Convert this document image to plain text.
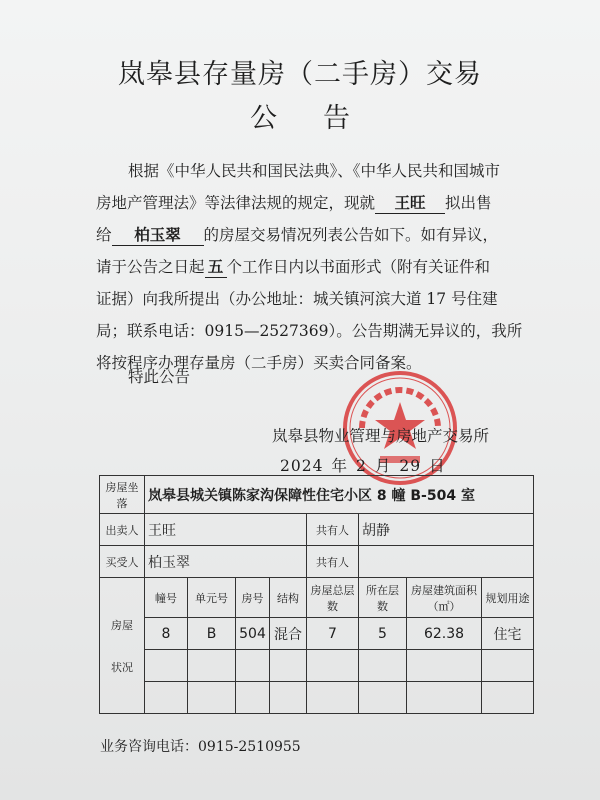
岚皋县存量房（二手房）交易
公告

根据《中华人民共和国民法典》、《中华人民共和国城市

房地产管理法》等法律法规的规定，现就 王旺 拟出售

给 柏玉翠 的房屋交易情况列表公告如下。如有异议，

请于公告之日起 五 个工作日内以书面形式（附有关证件和

证据）向我所提出（办公地址：城关镇河滨大道 17 号住建

局；联系电话：0915—2527369）。公告期满无异议的，我所

将按程序办理存量房（二手房）买卖合同备案。

特此公告
岚皋县物业管理与房地产交易所
2024 年 2 月 29 日
房屋坐落	岚皋县城关镇陈家沟保障性住宅小区 8 幢 B-504 室							
出卖人	王旺				共有人	胡静		
买受人	柏玉翠				共有人			
房屋

状况	幢号	单元号	房号	结构	房屋总层数	所在层数	房屋建筑面积（㎡）	规划用途
	8	B	504	混合	7	5	62.38	住宅

业务咨询电话：0915-2510955
